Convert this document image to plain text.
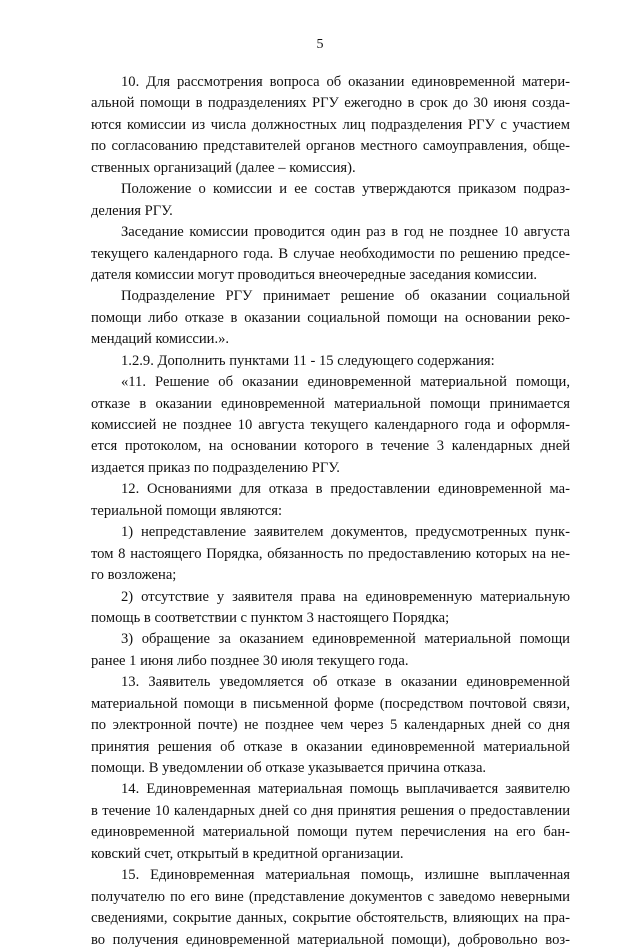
5
10. Для рассмотрения вопроса об оказании единовременной матери-
альной помощи в подразделениях РГУ ежегодно в срок до 30 июня созда-
ются комиссии из числа должностных лиц подразделения РГУ с участием
по согласованию представителей органов местного самоуправления, обще-
ственных организаций (далее – комиссия).
Положение о комиссии и ее состав утверждаются приказом подраз-
деления РГУ.
Заседание комиссии проводится один раз в год не позднее 10 августа
текущего календарного года. В случае необходимости по решению предсе-
дателя комиссии могут проводиться внеочередные заседания комиссии.
Подразделение РГУ принимает решение об оказании социальной
помощи либо отказе в оказании социальной помощи на основании реко-
мендаций комиссии.».
1.2.9. Дополнить пунктами 11 - 15 следующего содержания:
«11. Решение об оказании единовременной материальной помощи,
отказе в оказании единовременной материальной помощи принимается
комиссией не позднее 10 августа текущего календарного года и оформля-
ется протоколом, на основании которого в течение 3 календарных дней
издается приказ по подразделению РГУ.
12. Основаниями для отказа в предоставлении единовременной ма-
териальной помощи являются:
1) непредставление заявителем документов, предусмотренных пунк-
том 8 настоящего Порядка, обязанность по предоставлению которых на не-
го возложена;
2) отсутствие у заявителя права на единовременную материальную
помощь в соответствии с пунктом 3 настоящего Порядка;
3) обращение за оказанием единовременной материальной помощи
ранее 1 июня либо позднее 30 июля текущего года.
13. Заявитель уведомляется об отказе в оказании единовременной
материальной помощи в письменной форме (посредством почтовой связи,
по электронной почте) не позднее чем через 5 календарных дней со дня
принятия решения об отказе в оказании единовременной материальной
помощи. В уведомлении об отказе указывается причина отказа.
14. Единовременная материальная помощь выплачивается заявителю
в течение 10 календарных дней со дня принятия решения о предоставлении
единовременной материальной помощи путем перечисления на его бан-
ковский счет, открытый в кредитной организации.
15. Единовременная материальная помощь, излишне выплаченная
получателю по его вине (представление документов с заведомо неверными
сведениями, сокрытие данных, сокрытие обстоятельств, влияющих на пра-
во получения единовременной материальной помощи), добровольно воз-
